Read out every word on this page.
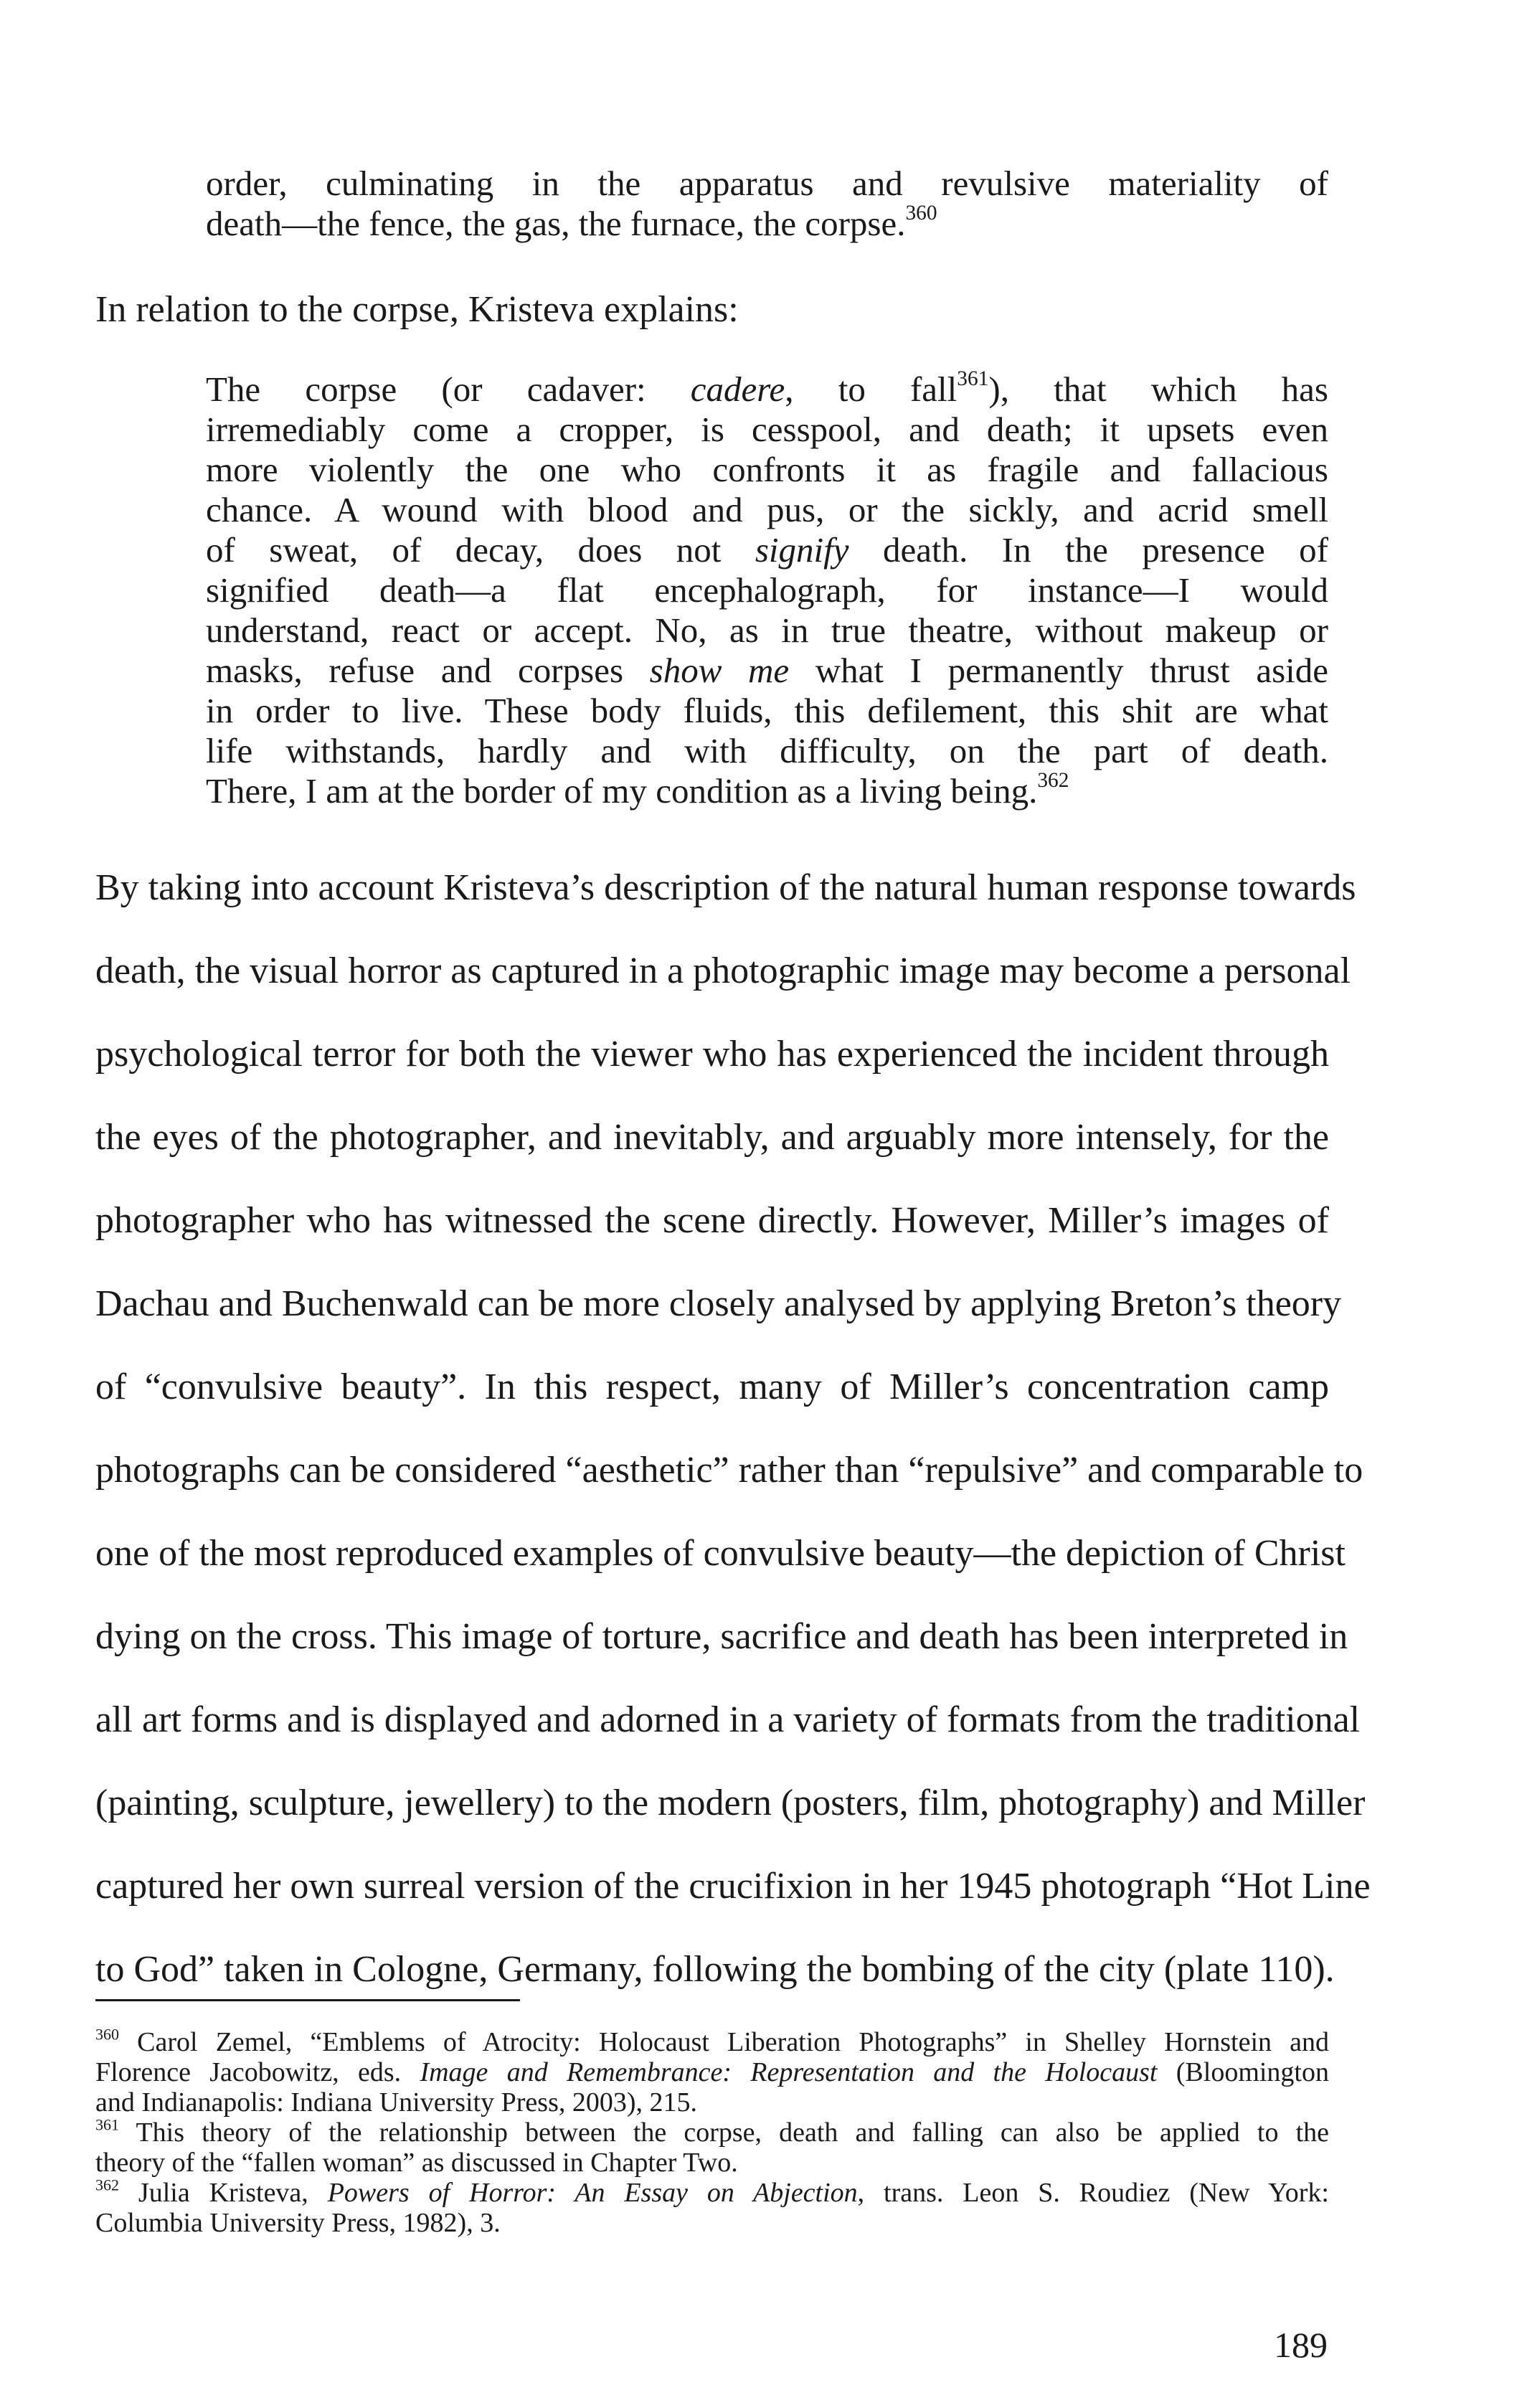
order, culminating in the apparatus and revulsive materiality of
death—the fence, the gas, the furnace, the corpse.$^{360}$
In relation to the corpse, Kristeva explains:
The corpse (or cadaver: cadere, to fall$^{361}$), that which has
irremediably come a cropper, is cesspool, and death; it upsets even
more violently the one who confronts it as fragile and fallacious
chance. A wound with blood and pus, or the sickly, and acrid smell
of sweat, of decay, does not signify death. In the presence of
signified death—a flat encephalograph, for instance—I would
understand, react or accept. No, as in true theatre, without makeup or
masks, refuse and corpses show me what I permanently thrust aside
in order to live. These body fluids, this defilement, this shit are what
life withstands, hardly and with difficulty, on the part of death.
There, I am at the border of my condition as a living being.$^{362}$
By taking into account Kristeva’s description of the natural human response towards
death, the visual horror as captured in a photographic image may become a personal
psychological terror for both the viewer who has experienced the incident through
the eyes of the photographer, and inevitably, and arguably more intensely, for the
photographer who has witnessed the scene directly. However, Miller’s images of
Dachau and Buchenwald can be more closely analysed by applying Breton’s theory
of “convulsive beauty”. In this respect, many of Miller’s concentration camp
photographs can be considered “aesthetic” rather than “repulsive” and comparable to
one of the most reproduced examples of convulsive beauty—the depiction of Christ
dying on the cross. This image of torture, sacrifice and death has been interpreted in
all art forms and is displayed and adorned in a variety of formats from the traditional
(painting, sculpture, jewellery) to the modern (posters, film, photography) and Miller
captured her own surreal version of the crucifixion in her 1945 photograph “Hot Line
to God” taken in Cologne, Germany, following the bombing of the city (plate 110).
$^{360}$ Carol Zemel, “Emblems of Atrocity: Holocaust Liberation Photographs” in Shelley Hornstein and
Florence Jacobowitz, eds. Image and Remembrance: Representation and the Holocaust (Bloomington
and Indianapolis: Indiana University Press, 2003), 215.
$^{361}$ This theory of the relationship between the corpse, death and falling can also be applied to the
theory of the “fallen woman” as discussed in Chapter Two.
$^{362}$ Julia Kristeva, Powers of Horror: An Essay on Abjection, trans. Leon S. Roudiez (New York:
Columbia University Press, 1982), 3.
189
